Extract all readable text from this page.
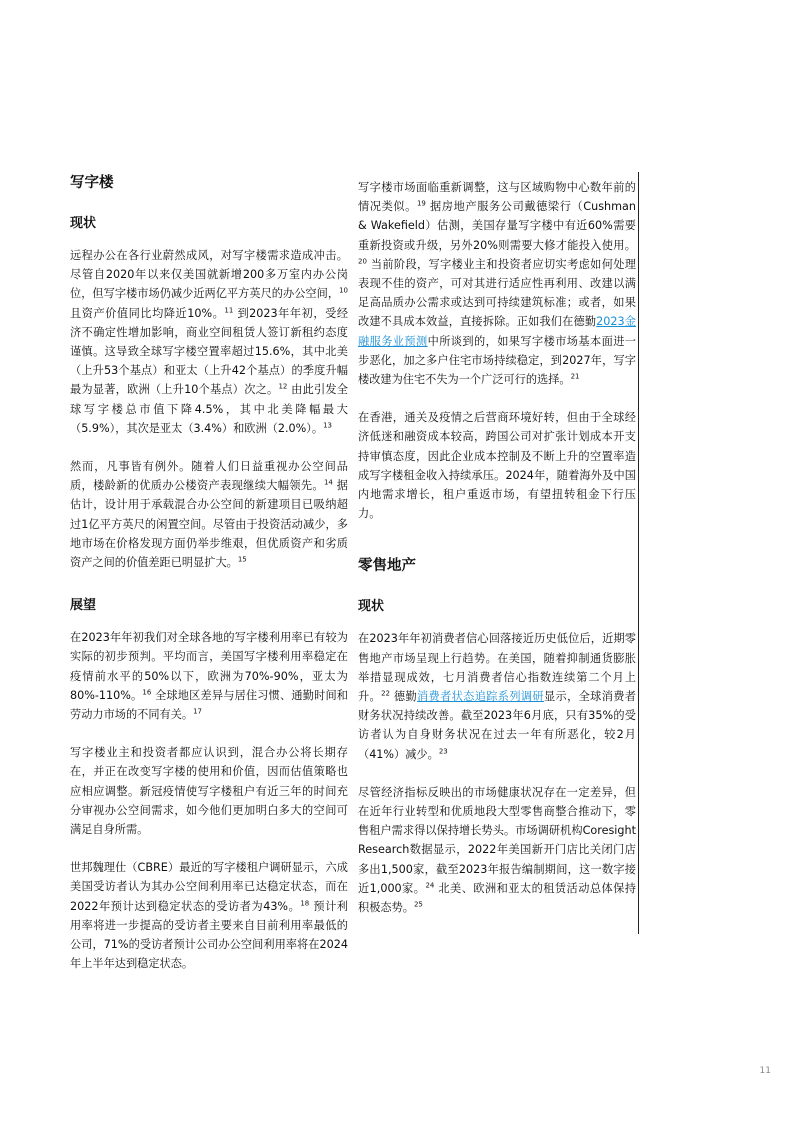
写字楼
现状

远程办公在各行业蔚然成风，对写字楼需求造成冲击。尽管自2020年以来仅美国就新增200多万室内办公岗位，但写字楼市场仍减少近两亿平方英尺的办公空间，$^{10}$ 且资产价值同比均降近10%。$^{11}$ 到2023年年初，受经济不确定性增加影响，商业空间租赁人签订新租约态度谨慎。这导致全球写字楼空置率超过15.6%，其中北美（上升53个基点）和亚太（上升42个基点）的季度升幅最为显著，欧洲（上升10个基点）次之。$^{12}$ 由此引发全球写字楼总市值下降4.5%，其中北美降幅最大（5.9%），其次是亚太（3.4%）和欧洲（2.0%）。$^{13}$

然而，凡事皆有例外。随着人们日益重视办公空间品质，楼龄新的优质办公楼资产表现继续大幅领先。$^{14}$ 据估计，设计用于承载混合办公空间的新建项目已吸纳超过1亿平方英尺的闲置空间。尽管由于投资活动减少，多地市场在价格发现方面仍举步维艰，但优质资产和劣质资产之间的价值差距已明显扩大。$^{15}$

展望

在2023年年初我们对全球各地的写字楼利用率已有较为实际的初步预判。平均而言，美国写字楼利用率稳定在疫情前水平的50%以下，欧洲为70%-90%，亚太为80%-110%。$^{16}$ 全球地区差异与居住习惯、通勤时间和劳动力市场的不同有关。$^{17}$

写字楼业主和投资者都应认识到，混合办公将长期存在，并正在改变写字楼的使用和价值，因而估值策略也应相应调整。新冠疫情使写字楼租户有近三年的时间充分审视办公空间需求，如今他们更加明白多大的空间可满足自身所需。

世邦魏理仕（CBRE）最近的写字楼租户调研显示，六成美国受访者认为其办公空间利用率已达稳定状态，而在2022年预计达到稳定状态的受访者为43%。$^{18}$ 预计利用率将进一步提高的受访者主要来自目前利用率最低的公司，71%的受访者预计公司办公空间利用率将在2024年上半年达到稳定状态。

写字楼市场面临重新调整，这与区域购物中心数年前的情况类似。$^{19}$ 据房地产服务公司戴德梁行（Cushman & Wakefield）估测，美国存量写字楼中有近60%需要重新投资或升级，另外20%则需要大修才能投入使用。$^{20}$ 当前阶段，写字楼业主和投资者应切实考虑如何处理表现不佳的资产，可对其进行适应性再利用、改建以满足高品质办公需求或达到可持续建筑标准；或者，如果改建不具成本效益，直接拆除。正如我们在德勤2023金融服务业预测中所谈到的，如果写字楼市场基本面进一步恶化，加之多户住宅市场持续稳定，到2027年，写字楼改建为住宅不失为一个广泛可行的选择。$^{21}$

在香港，通关及疫情之后营商环境好转，但由于全球经济低迷和融资成本较高，跨国公司对扩张计划成本开支持审慎态度，因此企业成本控制及不断上升的空置率造成写字楼租金收入持续承压。2024年，随着海外及中国内地需求增长，租户重返市场，有望扭转租金下行压力。

零售地产
现状

在2023年年初消费者信心回落接近历史低位后，近期零售地产市场呈现上行趋势。在美国，随着抑制通货膨胀举措显现成效，七月消费者信心指数连续第二个月上升。$^{22}$ 德勤消费者状态追踪系列调研显示，全球消费者财务状况持续改善。截至2023年6月底，只有35%的受访者认为自身财务状况在过去一年有所恶化，较2月（41%）减少。$^{23}$

尽管经济指标反映出的市场健康状况存在一定差异，但在近年行业转型和优质地段大型零售商整合推动下，零售租户需求得以保持增长势头。市场调研机构Coresight Research数据显示，2022年美国新开门店比关闭门店多出1,500家，截至2023年报告编制期间，这一数字接近1,000家。$^{24}$ 北美、欧洲和亚太的租赁活动总体保持积极态势。$^{25}$

11
